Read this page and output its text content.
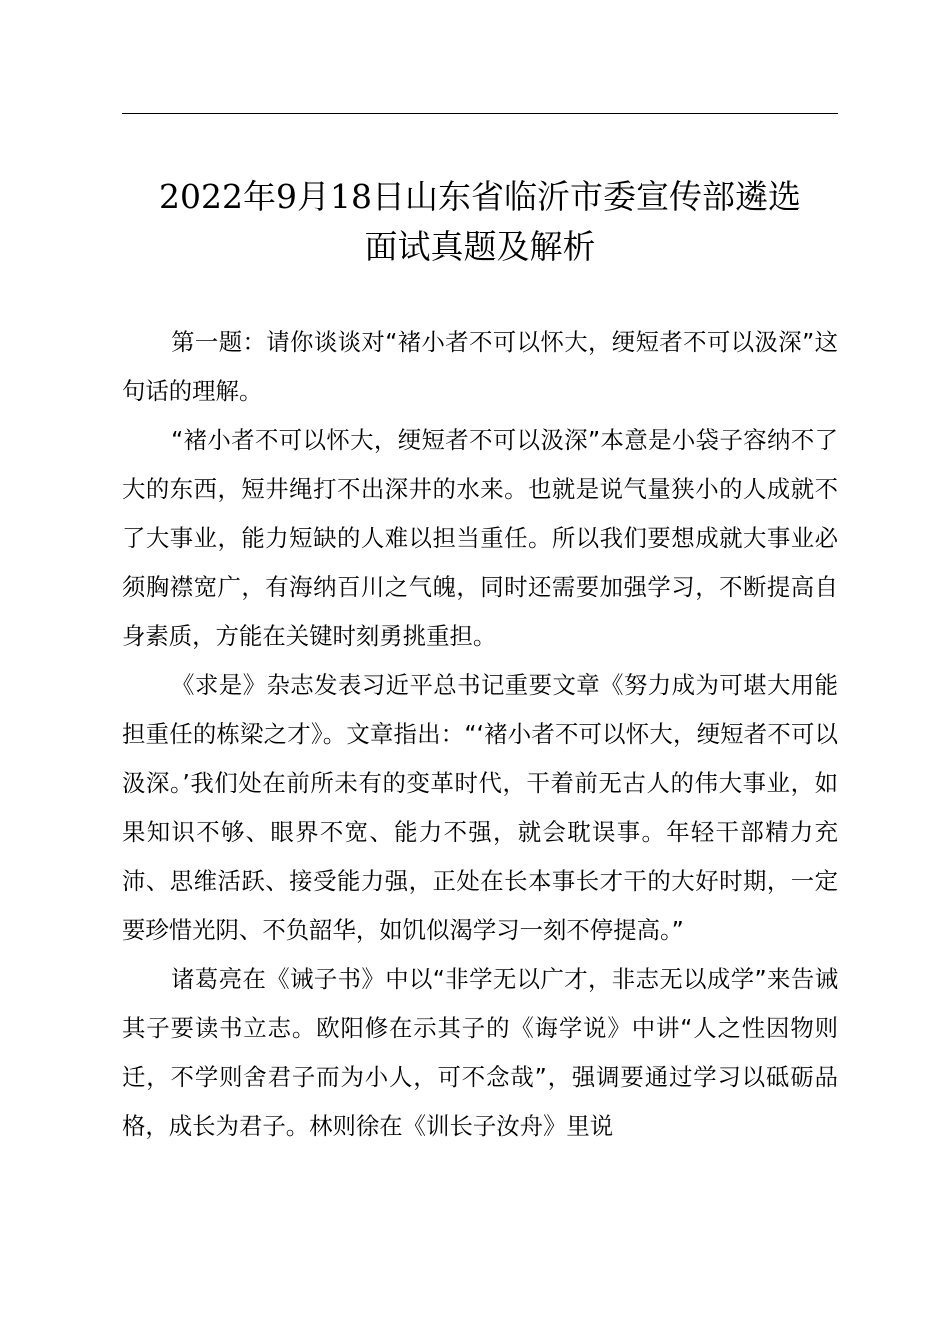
2022年9月18日山东省临沂市委宣传部遴选
面试真题及解析

第一题：请你谈谈对“褚小者不可以怀大，绠短者不可以汲深”这句话的理解。

“褚小者不可以怀大，绠短者不可以汲深”本意是小袋子容纳不了大的东西，短井绳打不出深井的水来。也就是说气量狭小的人成就不了大事业，能力短缺的人难以担当重任。所以我们要想成就大事业必须胸襟宽广，有海纳百川之气魄，同时还需要加强学习，不断提高自身素质，方能在关键时刻勇挑重担。

《求是》杂志发表习近平总书记重要文章《努力成为可堪大用能担重任的栋梁之才》。文章指出：“‘褚小者不可以怀大，绠短者不可以汲深。’我们处在前所未有的变革时代，干着前无古人的伟大事业，如果知识不够、眼界不宽、能力不强，就会耽误事。年轻干部精力充沛、思维活跃、接受能力强，正处在长本事长才干的大好时期，一定要珍惜光阴、不负韶华，如饥似渴学习一刻不停提高。”

诸葛亮在《诫子书》中以“非学无以广才，非志无以成学”来告诫其子要读书立志。欧阳修在示其子的《诲学说》中讲“人之性因物则迁，不学则舍君子而为小人，可不念哉”，强调要通过学习以砥砺品格，成长为君子。林则徐在《训长子汝舟》里说
